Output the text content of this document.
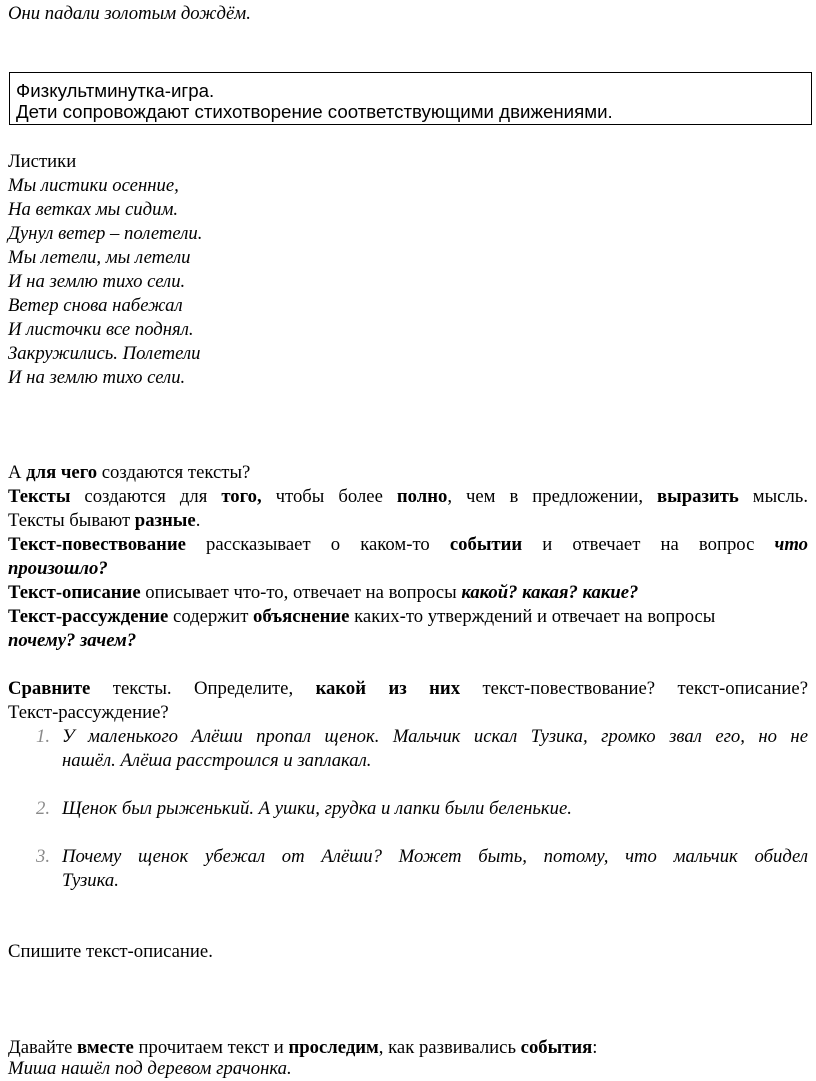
Они падали золотым дождём.
Физкультминутка-игра.
Дети сопровождают стихотворение соответствующими движениями.
Листики
Мы листики осенние,
На ветках мы сидим.
Дунул ветер – полетели.
Мы летели, мы летели
И на землю тихо сели.
Ветер снова набежал
И листочки все поднял.
Закружились. Полетели
И на землю тихо сели.
А для чего создаются тексты?
Тексты создаются для того, чтобы более полно, чем в предложении, выразить мысль.
Тексты бывают разные.
Текст-повествование рассказывает о каком-то событии и отвечает на вопрос что
произошло?
Текст-описание описывает что-то, отвечает на вопросы какой? какая? какие?
Текст-рассуждение содержит объяснение каких-то утверждений и отвечает на вопросы
почему? зачем?
Сравните тексты. Определите, какой из них текст-повествование? текст-описание?
Текст-рассуждение?
1. У маленького Алёши пропал щенок. Мальчик искал Тузика, громко звал его, но не
нашёл. Алёша расстроился и заплакал.
2. Щенок был рыженький. А ушки, грудка и лапки были беленькие.
3. Почему щенок убежал от Алёши? Может быть, потому, что мальчик обидел
Тузика.
Спишите текст-описание.
Давайте вместе прочитаем текст и проследим, как развивались события:
Миша нашёл под деревом грачонка.
